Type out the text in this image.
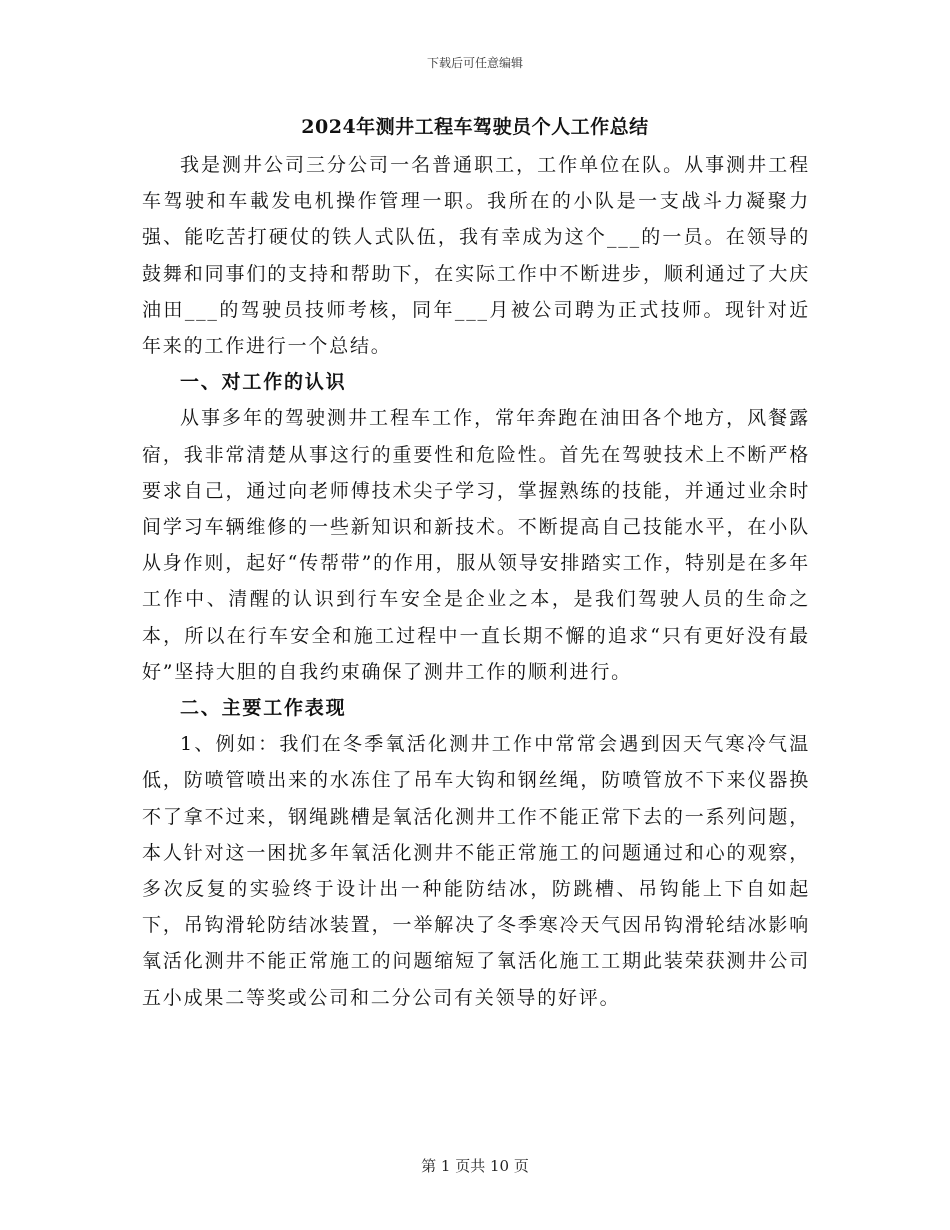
下载后可任意编辑
2024年测井工程车驾驶员个人工作总结

我是测井公司三分公司一名普通职工，工作单位在队。从事测井工程车驾驶和车載发电机操作管理一职。我所在的小队是一支战斗力凝聚力强、能吃苦打硬仗的铁人式队伍，我有幸成为这个___的一员。在领导的鼓舞和同事们的支持和帮助下，在实际工作中不断进步，顺利通过了大庆油田___的驾驶员技师考核，同年___月被公司聘为正式技师。现针对近年来的工作进行一个总结。

一、对工作的认识

从事多年的驾驶测井工程车工作，常年奔跑在油田各个地方，风餐露宿，我非常清楚从事这行的重要性和危险性。首先在驾驶技术上不断严格要求自己，通过向老师傅技术尖子学习，掌握熟练的技能，并通过业余时间学习车辆维修的一些新知识和新技术。不断提高自己技能水平，在小队从身作则，起好“传帮带”的作用，服从领导安排踏实工作，特别是在多年工作中、清醒的认识到行车安全是企业之本，是我们驾驶人员的生命之本，所以在行车安全和施工过程中一直长期不懈的追求“只有更好没有最好”坚持大胆的自我约束确保了测井工作的顺利进行。

二、主要工作表现

1、例如：我们在冬季氧活化测井工作中常常会遇到因天气寒冷气温低，防喷管喷出来的水冻住了吊车大钩和钢丝绳，防喷管放不下来仪器换不了拿不过来，钢绳跳槽是氧活化测井工作不能正常下去的一系列问题，本人针对这一困扰多年氧活化测井不能正常施工的问题通过和心的观察，多次反复的实验终于设计出一种能防结冰，防跳槽、吊钩能上下自如起下，吊钩滑轮防结冰装置，一举解决了冬季寒冷天气因吊钩滑轮结冰影响氧活化测井不能正常施工的问题缩短了氧活化施工工期此装荣获测井公司五小成果二等奖或公司和二分公司有关领导的好评。

第 1 页共 10 页
